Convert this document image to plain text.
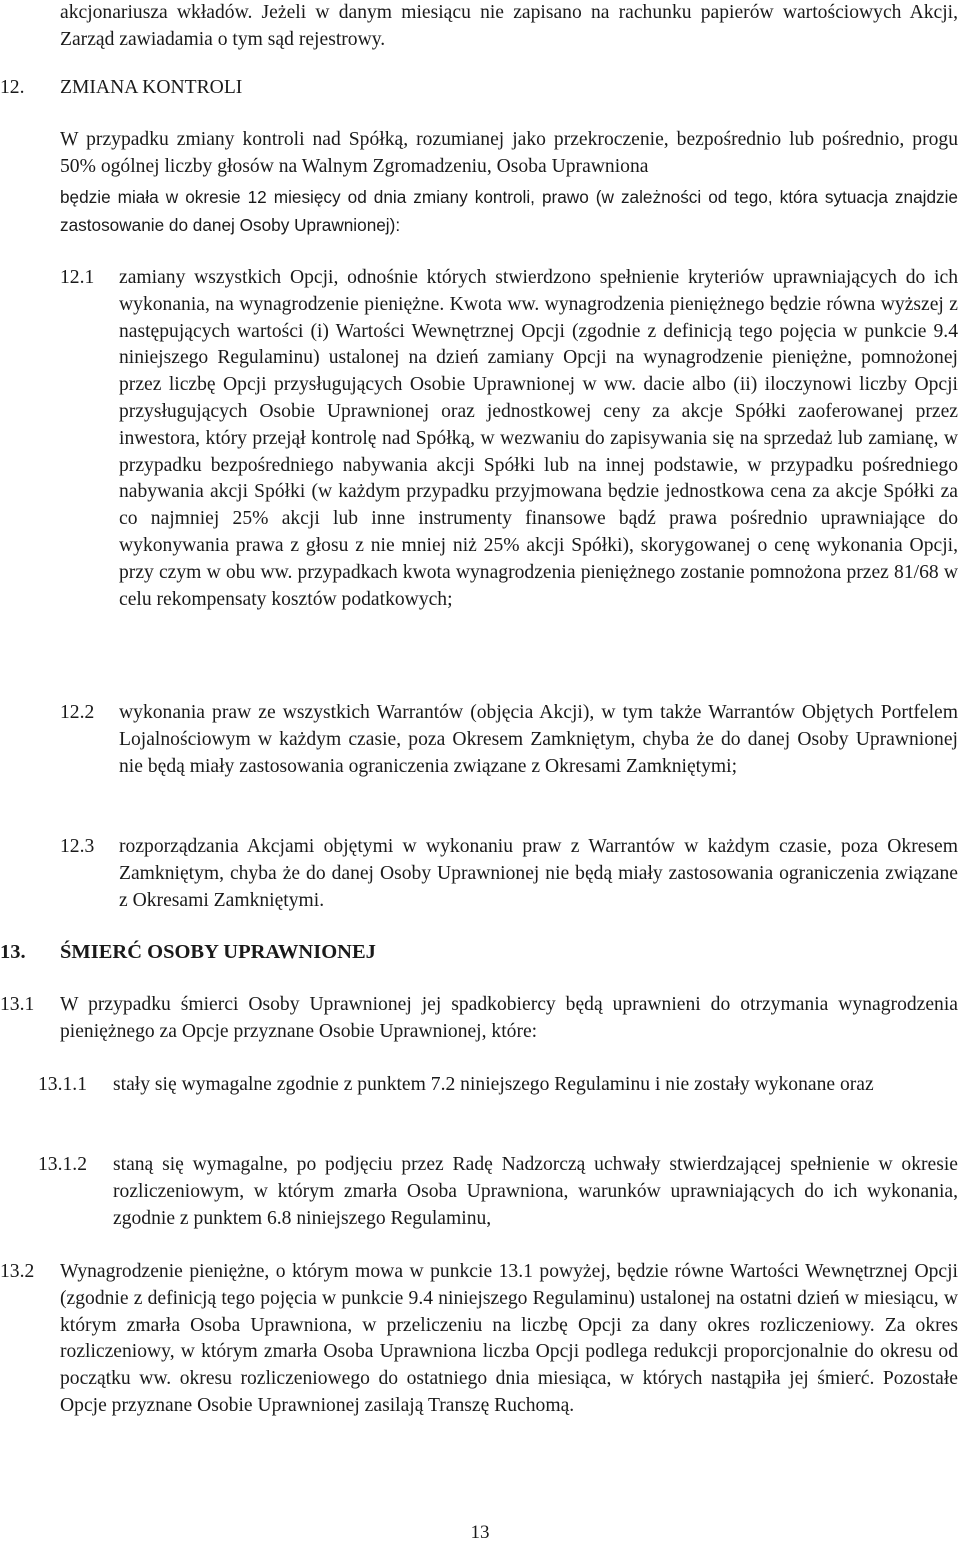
akcjonariusza wkładów. Jeżeli w danym miesiącu nie zapisano na rachunku papierów wartościowych Akcji, Zarząd zawiadamia o tym sąd rejestrowy.

12. ZMIANA KONTROLI

W przypadku zmiany kontroli nad Spółką, rozumianej jako przekroczenie, bezpośrednio lub pośrednio, progu 50% ogólnej liczby głosów na Walnym Zgromadzeniu, Osoba Uprawniona

będzie miała w okresie 12 miesięcy od dnia zmiany kontroli, prawo (w zależności od tego, która sytuacja znajdzie zastosowanie do danej Osoby Uprawnionej):

12.1 zamiany wszystkich Opcji, odnośnie których stwierdzono spełnienie kryteriów uprawniających do ich wykonania, na wynagrodzenie pieniężne. Kwota ww. wynagrodzenia pieniężnego będzie równa wyższej z następujących wartości (i) Wartości Wewnętrznej Opcji (zgodnie z definicją tego pojęcia w punkcie 9.4 niniejszego Regulaminu) ustalonej na dzień zamiany Opcji na wynagrodzenie pieniężne, pomnożonej przez liczbę Opcji przysługujących Osobie Uprawnionej w ww. dacie albo (ii) iloczynowi liczby Opcji przysługujących Osobie Uprawnionej oraz jednostkowej ceny za akcje Spółki zaoferowanej przez inwestora, który przejął kontrolę nad Spółką, w wezwaniu do zapisywania się na sprzedaż lub zamianę, w przypadku bezpośredniego nabywania akcji Spółki lub na innej podstawie, w przypadku pośredniego nabywania akcji Spółki (w każdym przypadku przyjmowana będzie jednostkowa cena za akcje Spółki za co najmniej 25% akcji lub inne instrumenty finansowe bądź prawa pośrednio uprawniające do wykonywania prawa z głosu z nie mniej niż 25% akcji Spółki), skorygowanej o cenę wykonania Opcji, przy czym w obu ww. przypadkach kwota wynagrodzenia pieniężnego zostanie pomnożona przez 81/68 w celu rekompensaty kosztów podatkowych;

12.2 wykonania praw ze wszystkich Warrantów (objęcia Akcji), w tym także Warrantów Objętych Portfelem Lojalnościowym w każdym czasie, poza Okresem Zamkniętym, chyba że do danej Osoby Uprawnionej nie będą miały zastosowania ograniczenia związane z Okresami Zamkniętymi;

12.3 rozporządzania Akcjami objętymi w wykonaniu praw z Warrantów w każdym czasie, poza Okresem Zamkniętym, chyba że do danej Osoby Uprawnionej nie będą miały zastosowania ograniczenia związane z Okresami Zamkniętymi.

13. ŚMIERĆ OSOBY UPRAWNIONEJ
13.1 W przypadku śmierci Osoby Uprawnionej jej spadkobiercy będą uprawnieni do otrzymania wynagrodzenia pieniężnego za Opcje przyznane Osobie Uprawnionej, które:

13.1.1 stały się wymagalne zgodnie z punktem 7.2 niniejszego Regulaminu i nie zostały wykonane oraz

13.1.2 staną się wymagalne, po podjęciu przez Radę Nadzorczą uchwały stwierdzającej spełnienie w okresie rozliczeniowym, w którym zmarła Osoba Uprawniona, warunków uprawniających do ich wykonania, zgodnie z punktem 6.8 niniejszego Regulaminu,

13.2 Wynagrodzenie pieniężne, o którym mowa w punkcie 13.1 powyżej, będzie równe Wartości Wewnętrznej Opcji (zgodnie z definicją tego pojęcia w punkcie 9.4 niniejszego Regulaminu) ustalonej na ostatni dzień w miesiącu, w którym zmarła Osoba Uprawniona, w przeliczeniu na liczbę Opcji za dany okres rozliczeniowy. Za okres rozliczeniowy, w którym zmarła Osoba Uprawniona liczba Opcji podlega redukcji proporcjonalnie do okresu od początku ww. okresu rozliczeniowego do ostatniego dnia miesiąca, w których nastąpiła jej śmierć. Pozostałe Opcje przyznane Osobie Uprawnionej zasilają Transzę Ruchomą.

13
